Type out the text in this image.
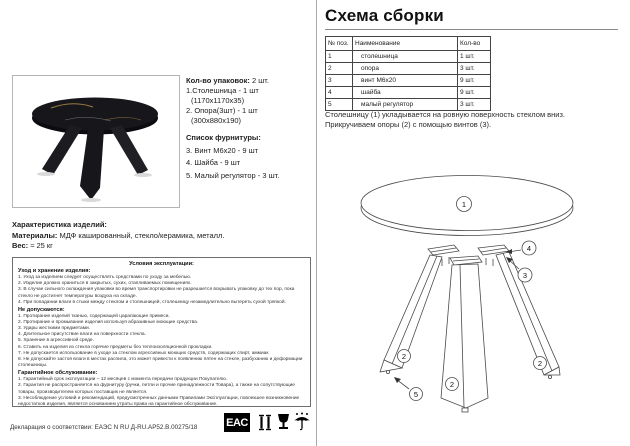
Схема сборки
№ поз.	Наименование	Кол-во
1	столешница	1 шт.
2	опора	3 шт.
3	винт М6х20	9 шт.
4	шайба	9 шт.
5	малый регулятор	3 шт.
Столешницу (1) укладывается на ровную поверхность стеклом вниз.
Прикручиваем опоры (2) с помощью винтов (3).
1
4
3
2
2
2
5
Кол-во упаковок: 2 шт.
1.Столешница - 1 шт
(1170х1170х35)
2. Опора(3шт) - 1 шт
(300х880х190)
Список фурнитуры:
3. Винт М6х20 - 9 шт
4. Шайба - 9 шт
5. Малый регулятор - 3 шт.
Характеристика изделий:
Материалы: МДФ кашированный, стекло/керамика, металл.
Вес: ≈ 25 кг
Условия эксплуатации:
Уход и хранение изделия:
1. Уход за изделием следует осуществлять средствами по уходу за мебелью.
2. Изделие должно храниться в закрытых, сухих, отапливаемых помещениях.
3. В случае сильного охлаждения упаковки во время транспортировки не разрешается вскрывать упаковку до тех пор, пока стекло не достигнет температуры воздуха на складе.
4. При попадании влаги в стыки между стеклом и столешницей, столешницу незамедлительно вытереть сухой тряпкой.
Не допускаются:
1. Протирание изделий тканью, содержащей царапающие примеси.
2. Протирание и промывание изделия используя абразивные моющие средства.
3. Удары жесткими предметами.
4. Длительное присутствие влаги на поверхности стекла.
5. Хранение в агрессивной среде.
6. Ставить на изделия из стекла горячие предметы без теплоизоляционной прокладки.
7. Не допускается использование в уходе за стеклом агрессивных моющих средств, содержащих спирт, аммиак
8. Не допускайте застоя влаги в местах распила, это может привести к появлению пятен на стекле, разбуханию и деформации столешницы.
Гарантийное обслуживание:
1. Гарантийный срок эксплуатации – 12 месяцев с момента передачи продукции Покупателю.
2. Гарантия не распространяется на фурнитуру (ручки, петли и прочие принадлежности Товара), а также на сопутствующие товары, производителем которых поставщик не является.
3. Несоблюдение условий и рекомендаций, предусмотренных данными Правилами Эксплуатации, повлекшее возникновение недостатков изделия, является основанием утраты права на гарантийное обслуживание.
Декларация о соответствии: ЕАЭС N RU Д-RU.АР52.В.00275/18	EAC
